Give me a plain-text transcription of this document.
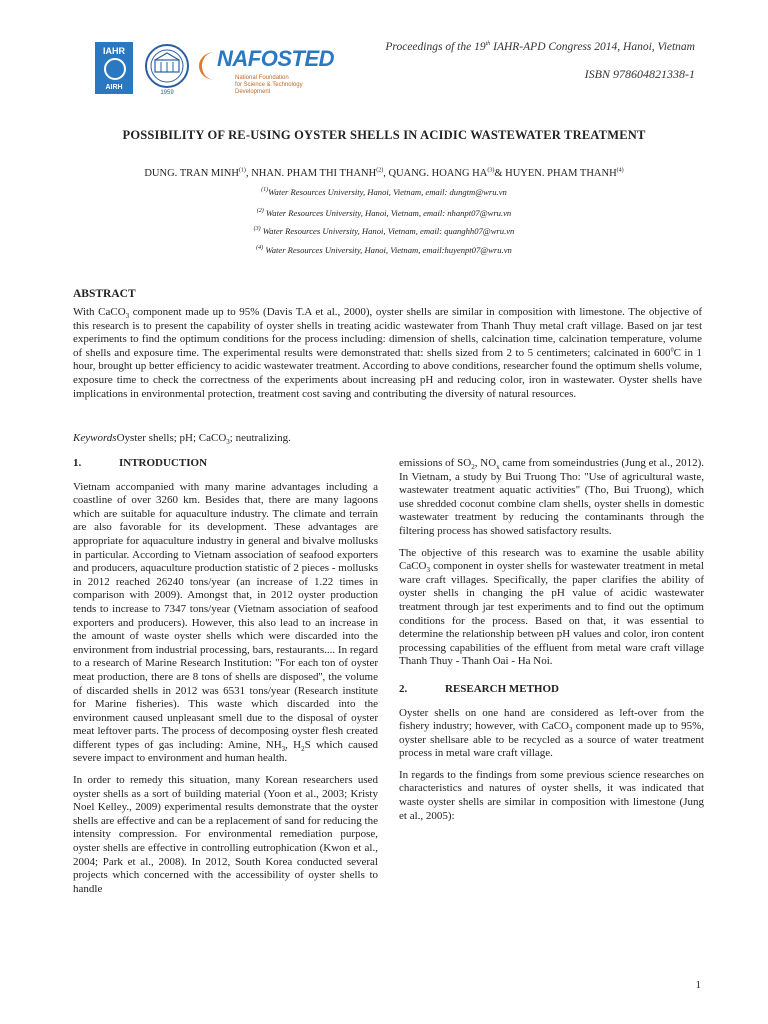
IAHR
AIRH
1959
NAFOSTED
National Foundation
for Science & Technology Development
Proceedings of the 19th IAHR-APD Congress 2014, Hanoi, Vietnam
ISBN 978604821338-1
POSSIBILITY OF RE-USING OYSTER SHELLS IN ACIDIC WASTEWATER TREATMENT
DUNG. TRAN MINH$^{(1)}$, NHAN. PHAM THI THANH$^{(2)}$, QUANG. HOANG HA$^{(3)}$& HUYEN. PHAM THANH$^{(4)}$
$^{(1)}$Water Resources University, Hanoi, Vietnam, email: dungtm@wru.vn
$^{(2)}$ Water Resources University, Hanoi, Vietnam, email: nhanpt07@wru.vn
$^{(3)}$ Water Resources University, Hanoi, Vietnam, email: quanghh07@wru.vn
$^{(4)}$ Water Resources University, Hanoi, Vietnam, email:huyenpt07@wru.vn
ABSTRACT
With CaCO$_3$ component made up to 95% (Davis T.A et al., 2000), oyster shells are similar in composition with limestone. The objective of this research is to present the capability of oyster shells in treating acidic wastewater from Thanh Thuy metal craft village. Based on jar test experiments to find the optimum conditions for the process including: dimension of shells, calcination time, calcination temperature, volume of shells and exposure time. The experimental results were demonstrated that: shells sized from 2 to 5 centimeters; calcinated in $600^0C$ in 1 hour, brought up better efficiency to acidic wastewater treatment. According to above conditions, researcher found the optimum shells volume, exposure time to check the correctness of the experiments about increasing pH and reducing color, iron in wastewater. Oyster shells have implications in environmental protection, treatment cost saving and contributing the diversity of natural resources.
KeywordsOyster shells; pH; CaCO$_3$; neutralizing.
1.	INTRODUCTION

Vietnam accompanied with many marine advantages including a coastline of over 3260 km. Besides that, there are many lagoons which are suitable for aquaculture industry. The climate and terrain are also favorable for its development. These advantages are appropriate for aquaculture industry in general and bivalve mollusks in particular. According to Vietnam association of seafood exporters and producers, aquaculture production statistic of 2 pieces - mollusks in 2012 reached 26240 tons/year (an increase of 1.22 times in comparison with 2009). Amongst that, in 2012 oyster production tends to increase to 7347 tons/year (Vietnam association of seafood exporters and producers). However, this also lead to an increase in the amount of waste oyster shells which were discarded into the environment from industrial processing, bars, restaurants.... In regard to a research of Marine Research Institution: "For each ton of oyster meat production, there are 8 tons of shells are disposed'', the volume of discarded shells in 2012 was 6531 tons/year (Research institute for Marine fisheries). This waste which discarded into the environment caused unpleasant smell due to the disposal of oyster meat leftover parts. The process of decomposing oyster flesh created different types of gas including: Amine, $NH_3$, $H_2S$ which caused severe impact to environment and human health.

In order to remedy this situation, many Korean researchers used oyster shells as a sort of building material (Yoon et al., 2003; Kristy Noel Kelley., 2009) experimental results demonstrate that the oyster shells are effective and can be a replacement of sand for reducing the intensity compression. For environmental remediation purpose, oyster shells are effective in controlling eutrophication (Kwon et al., 2004; Park et al., 2008). In 2012, South Korea conducted several projects which concerned with the accessibility of oyster shells to handle

emissions of $SO_2$, $NO_x$ came from someindustries (Jung et al., 2012). In Vietnam, a study by Bui Truong Tho: "Use of agricultural waste, wastewater treatment aquatic activities" (Tho, Bui Truong), which use shredded coconut combine clam shells, oyster shells in domestic wastewater treatment by reducing the contaminants through the filtering process has showed satisfactory results.

The objective of this research was to examine the usable ability CaCO$_3$ component in oyster shells for wastewater treatment in metal ware craft villages. Specifically, the paper clarifies the ability of oyster shells in changing the pH value of acidic wastewater treatment through jar test experiments and to find out the optimum conditions for the process. Based on that, it was essential to determine the relationship between pH values and color, iron content processing capabilities of the effluent from metal ware craft village Thanh Thuy - Thanh Oai - Ha Noi.

2.	RESEARCH METHOD

Oyster shells on one hand are considered as left-over from the fishery industry; however, with CaCO$_3$ component made up to 95%, oyster shellsare able to be recycled as a source of water treatment process in metal ware craft village.

In regards to the findings from some previous science researches on characteristics and natures of oyster shells, it was indicated that waste oyster shells are similar in composition with limestone (Jung et al., 2005):

1
